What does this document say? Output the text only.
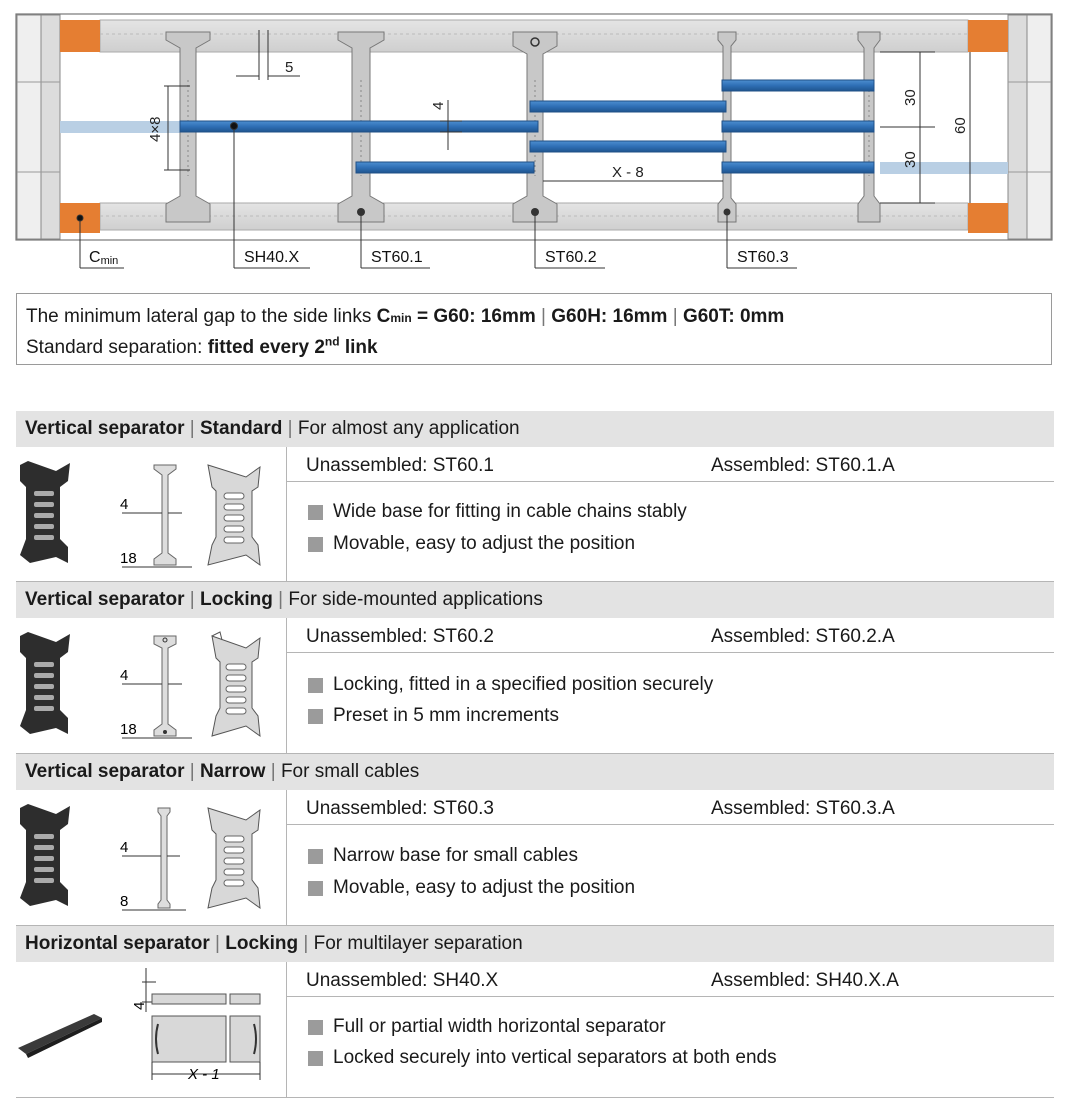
5
4×8
4
X - 8
30
30
60
Cmin	SH40.X	ST60.1	ST60.2	ST60.3
The minimum lateral gap to the side links Cmin = G60: 16mm | G60H: 16mm | G60T: 0mm
Standard separation: fitted every 2nd link
Vertical separator | Standard | For almost any application
4
18
Unassembled: ST60.1	Assembled: ST60.1.A
Wide base for fitting in cable chains stably
Movable, easy to adjust the position
Vertical separator | Locking | For side-mounted applications
4
18
Unassembled: ST60.2	Assembled: ST60.2.A
Locking, fitted in a specified position securely
Preset in 5 mm increments
Vertical separator | Narrow | For small cables
4
8
Unassembled: ST60.3	Assembled: ST60.3.A
Narrow base for small cables
Movable, easy to adjust the position
Horizontal separator | Locking | For multilayer separation
4
X - 1
Unassembled: SH40.X	Assembled: SH40.X.A
Full or partial width horizontal separator
Locked securely into vertical separators at both ends
